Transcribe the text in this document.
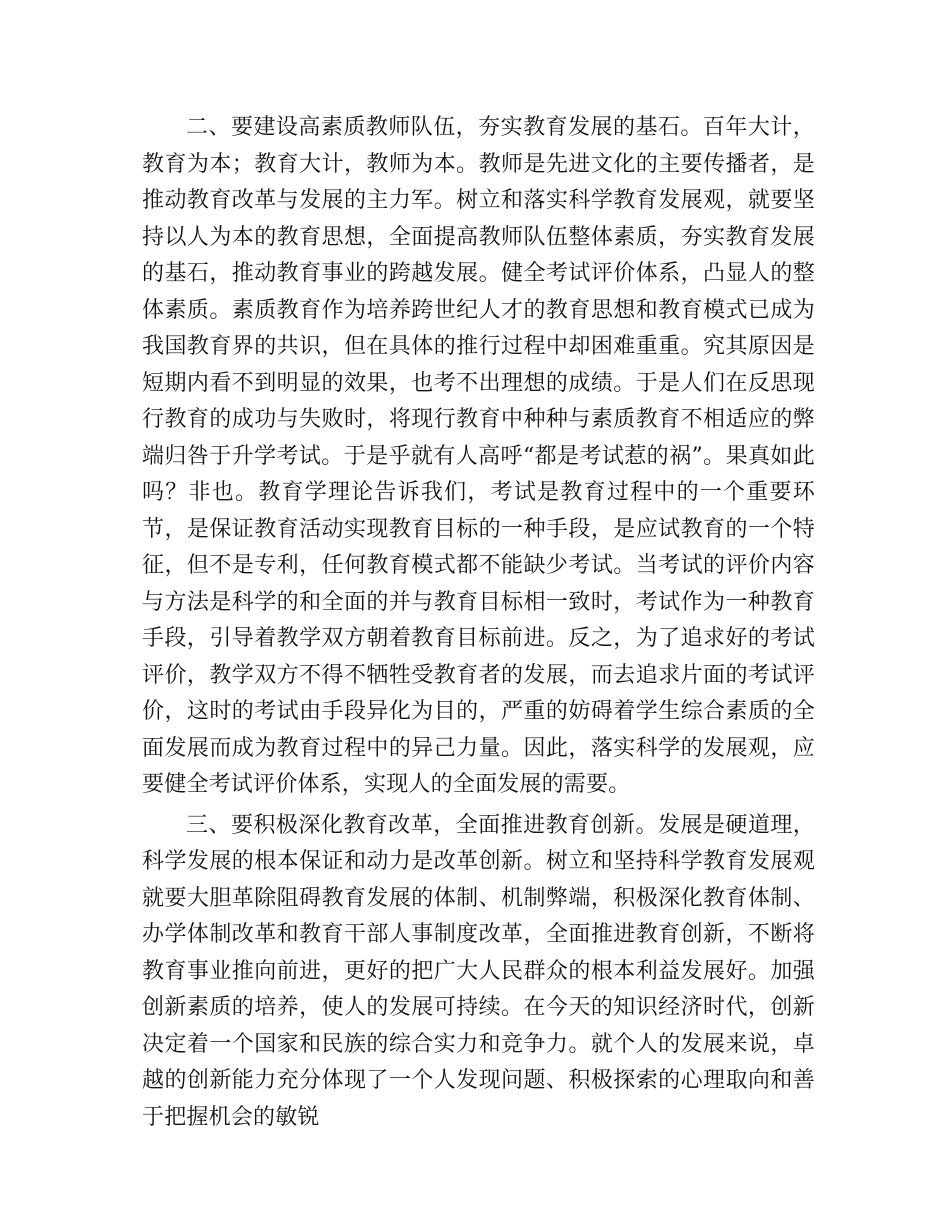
二、要建设高素质教师队伍，夯实教育发展的基石。百年大计，教育为本；教育大计，教师为本。教师是先进文化的主要传播者，是推动教育改革与发展的主力军。树立和落实科学教育发展观，就要坚持以人为本的教育思想，全面提高教师队伍整体素质，夯实教育发展的基石，推动教育事业的跨越发展。健全考试评价体系，凸显人的整体素质。素质教育作为培养跨世纪人才的教育思想和教育模式已成为我国教育界的共识，但在具体的推行过程中却困难重重。究其原因是短期内看不到明显的效果，也考不出理想的成绩。于是人们在反思现行教育的成功与失败时，将现行教育中种种与素质教育不相适应的弊端归咎于升学考试。于是乎就有人高呼“都是考试惹的祸”。果真如此吗？非也。教育学理论告诉我们，考试是教育过程中的一个重要环节，是保证教育活动实现教育目标的一种手段，是应试教育的一个特征，但不是专利，任何教育模式都不能缺少考试。当考试的评价内容与方法是科学的和全面的并与教育目标相一致时，考试作为一种教育手段，引导着教学双方朝着教育目标前进。反之，为了追求好的考试评价，教学双方不得不牺牲受教育者的发展，而去追求片面的考试评价，这时的考试由手段异化为目的，严重的妨碍着学生综合素质的全面发展而成为教育过程中的异己力量。因此，落实科学的发展观，应要健全考试评价体系，实现人的全面发展的需要。

三、要积极深化教育改革，全面推进教育创新。发展是硬道理，科学发展的根本保证和动力是改革创新。树立和坚持科学教育发展观就要大胆革除阻碍教育发展的体制、机制弊端，积极深化教育体制、办学体制改革和教育干部人事制度改革，全面推进教育创新，不断将教育事业推向前进，更好的把广大人民群众的根本利益发展好。加强创新素质的培养，使人的发展可持续。在今天的知识经济时代，创新决定着一个国家和民族的综合实力和竞争力。就个人的发展来说，卓越的创新能力充分体现了一个人发现问题、积极探索的心理取向和善于把握机会的敏锐
